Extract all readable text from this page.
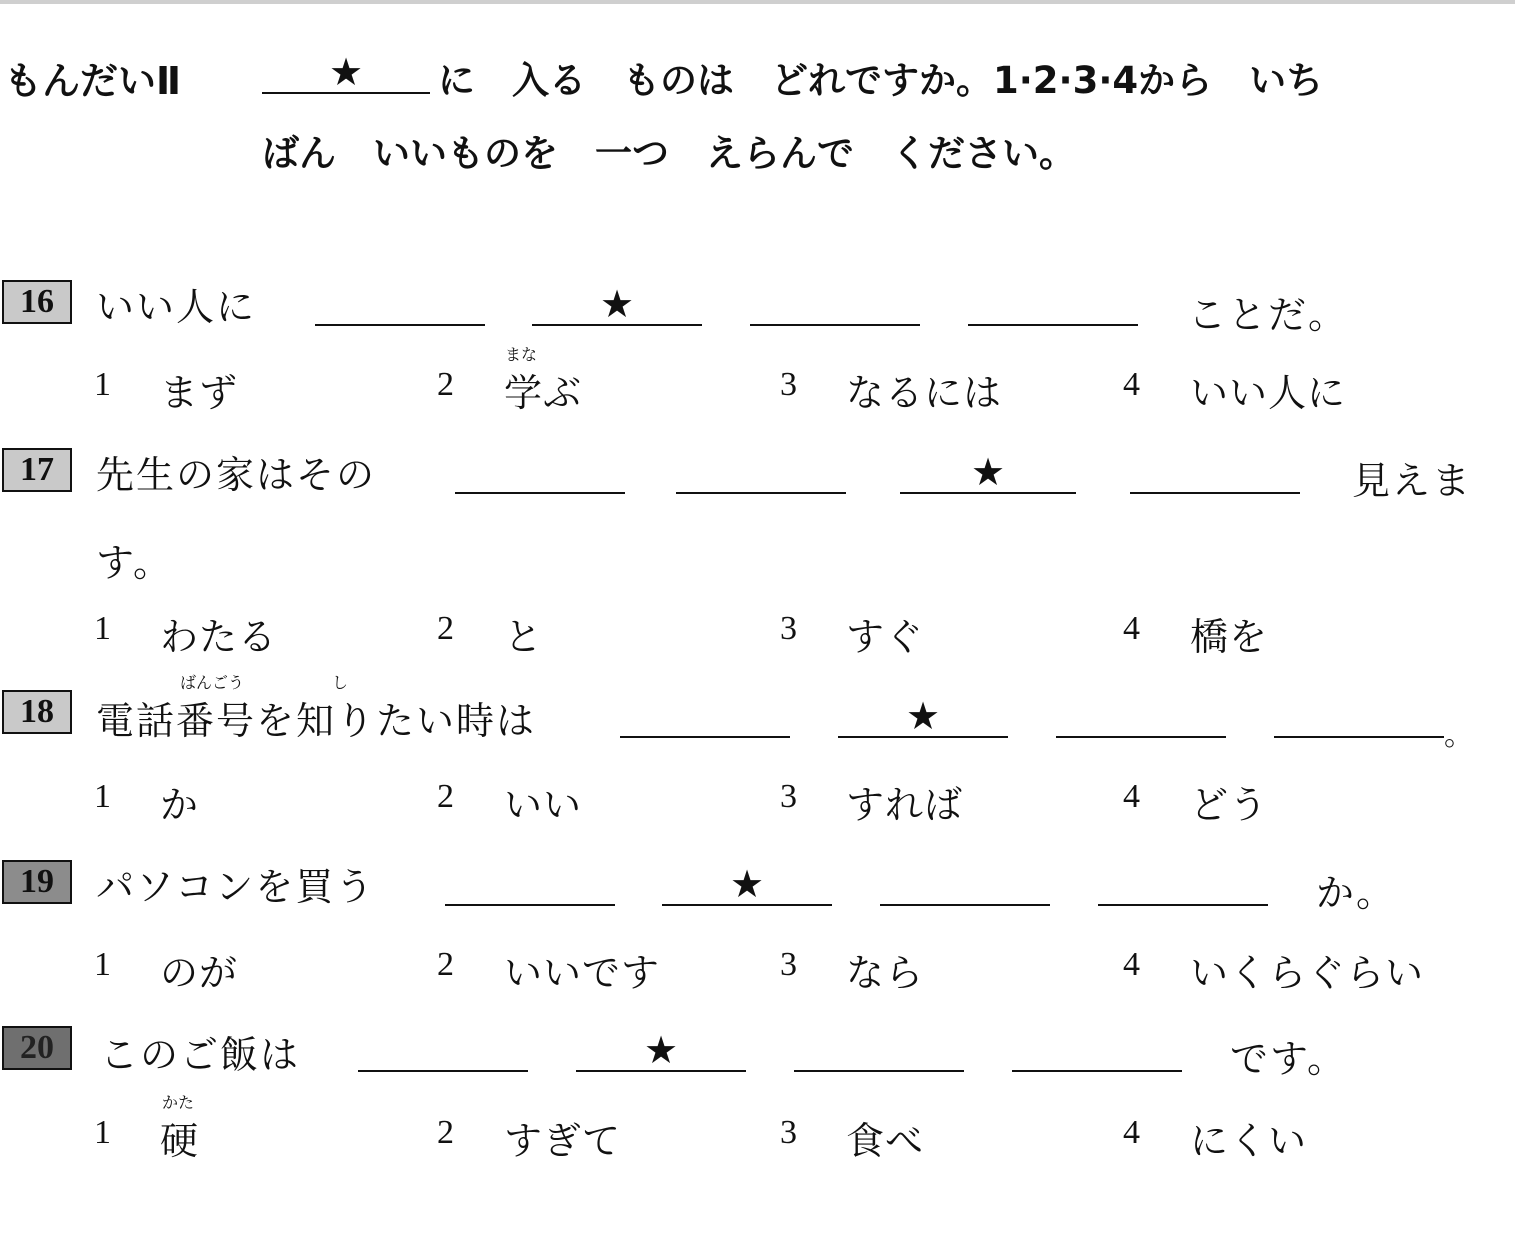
もんだいⅡ	★	に　入る　ものは　どれですか。1·2·3·4から　いち
ばん　いいものを　一つ　えらんで　ください。
16	いい人に	★	ことだ。
1 まず	2
まな
学ぶ	3 なるには	4 いい人に
17	先生の家はその	★	見えま
す。
1 わたる	2 と	3 すぐ	4 橋を
18
ばんごう	し
電話番号を知りたい時は	★	。
1 か	2 いい	3 すれば	4 どう
19	パソコンを買う	★	か。
1 のが	2 いいです	3 なら	4 いくらぐらい
20	このご飯は	★	です。
1
かた
硬	2 すぎて	3 食べ	4 にくい
